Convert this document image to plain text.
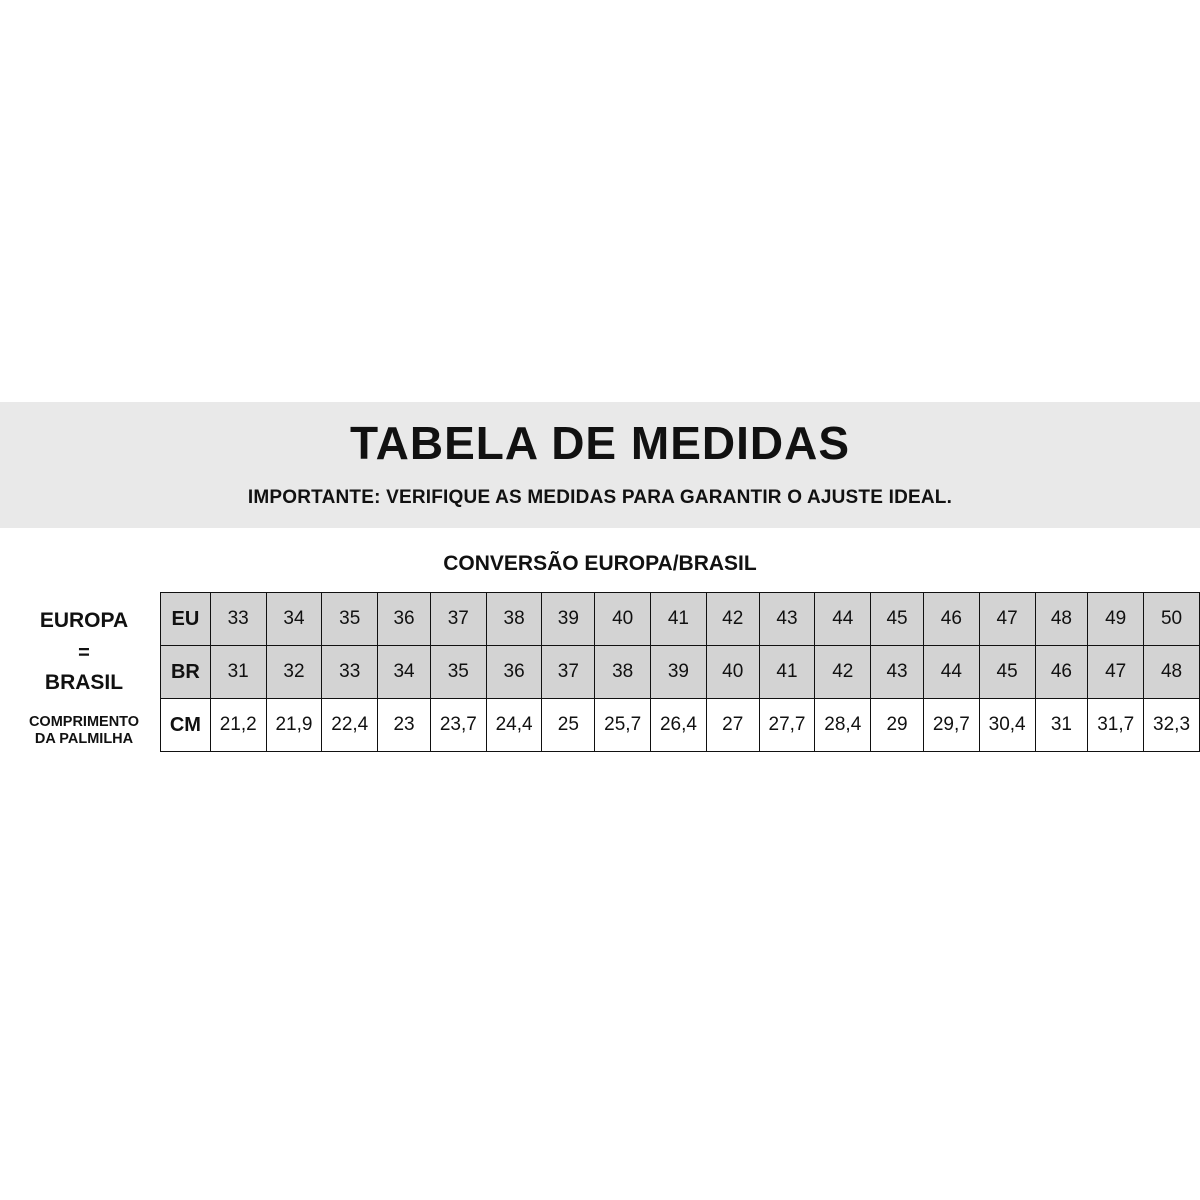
TABELA DE MEDIDAS
IMPORTANTE: VERIFIQUE AS MEDIDAS PARA GARANTIR O AJUSTE IDEAL.
CONVERSÃO EUROPA/BRASIL
EUROPA
=
BRASIL
COMPRIMENTO
DA PALMILHA
EU	33	34	35	36	37	38	39	40	41	42	43	44	45	46	47	48	49	50
BR	31	32	33	34	35	36	37	38	39	40	41	42	43	44	45	46	47	48
CM	21,2	21,9	22,4	23	23,7	24,4	25	25,7	26,4	27	27,7	28,4	29	29,7	30,4	31	31,7	32,3
